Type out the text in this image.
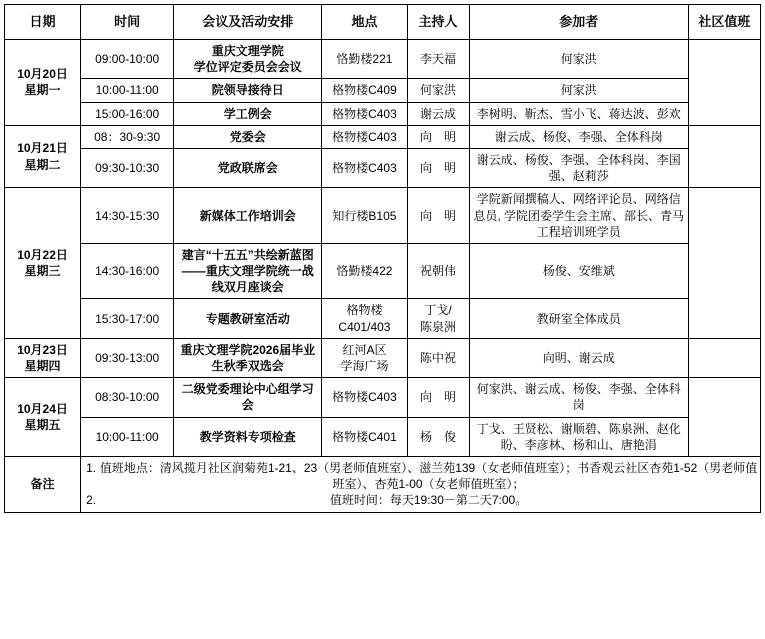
日期	时间	会议及活动安排	地点	主持人	参加者	社区值班
10月20日
星期一	09:00-10:00	重庆文理学院
学位评定委员会会议	恪勤楼221	李天福	何家洪	
	10:00-11:00	院领导接待日	格物楼C409	何家洪	何家洪	
	15:00-16:00	学工例会	格物楼C403	谢云成	李树明、靳杰、雪小飞、蒋达波、彭欢	
10月21日
星期二	08：30-9:30	党委会	格物楼C403	向　明	谢云成、杨俊、李强、全体科岗	
	09:30-10:30	党政联席会	格物楼C403	向　明	谢云成、杨俊、李强、全体科岗、李国强、赵莉莎	
10月22日
星期三	14:30-15:30	新媒体工作培训会	知行楼B105	向　明	学院新闻撰稿人、网络评论员、网络信息员, 学院团委学生会主席、部长、青马工程培训班学员	
	14:30-16:00	建言“十五五”共绘新蓝图——重庆文理学院统一战线双月座谈会	恪勤楼422	祝朝伟	杨俊、安维斌	
	15:30-17:00	专题教研室活动	格物楼
C401/403	丁戈/
陈泉洲	教研室全体成员	
10月23日
星期四	09:30-13:00	重庆文理学院2026届毕业生秋季双选会	红河A区
学海广场	陈中祝	向明、谢云成	
10月24日
星期五	08:30-10:00	二级党委理论中心组学习会	格物楼C403	向　明	何家洪、谢云成、杨俊、李强、全体科岗	
	10:00-11:00	教学资料专项检查	格物楼C401	杨　俊	丁戈、王贤松、谢顺碧、陈泉洲、赵化盼、李彦林、杨和山、唐艳涓	
备注	1. 值班地点：清风揽月社区润菊苑1-21、23（男老师值班室）、滋兰苑139（女老师值班室）；书香观云社区杏苑1-52（男老师值班室）、杏苑1-00（女老师值班室）；
2. 值班时间：每天19:30－第二天7:00。					
